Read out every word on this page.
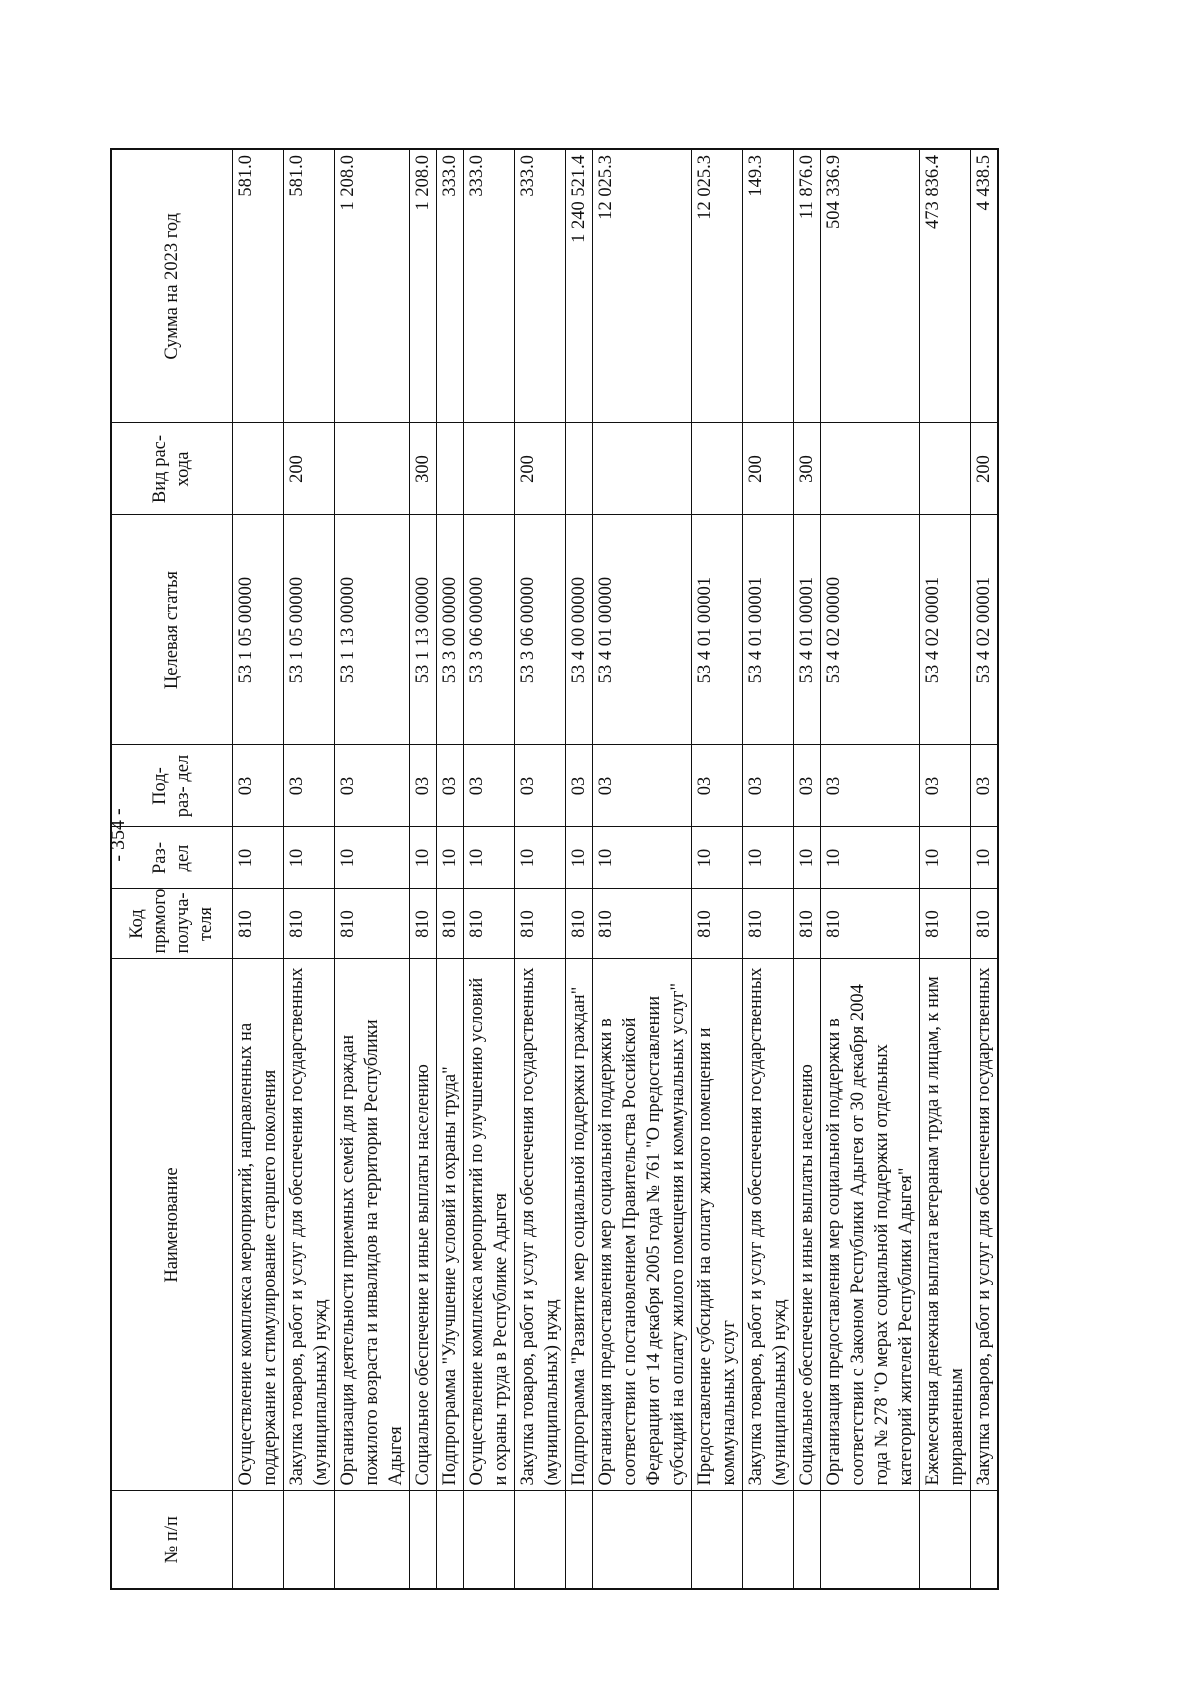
- 354 -
№ п/п	Наименование	Код прямого получа- теля	Раз- дел	Под- раз- дел	Целевая статья	Вид рас- хода	Сумма на 2023 год
	Осуществление комплекса мероприятий, направленных на поддержание и стимулирование старшего поколения	810	10	03	53 1 05 00000		581.0
	Закупка товаров, работ и услуг для обеспечения государственных (муниципальных) нужд	810	10	03	53 1 05 00000	200	581.0
	Организация деятельности приемных семей для граждан пожилого возраста и инвалидов на территории Республики Адыгея	810	10	03	53 1 13 00000		1 208.0
	Социальное обеспечение и иные выплаты населению	810	10	03	53 1 13 00000	300	1 208.0
	Подпрограмма "Улучшение условий и охраны труда"	810	10	03	53 3 00 00000		333.0
	Осуществление комплекса мероприятий по улучшению условий и охраны труда в Республике Адыгея	810	10	03	53 3 06 00000		333.0
	Закупка товаров, работ и услуг для обеспечения государственных (муниципальных) нужд	810	10	03	53 3 06 00000	200	333.0
	Подпрограмма "Развитие мер социальной поддержки граждан"	810	10	03	53 4 00 00000		1 240 521.4
	Организация предоставления мер социальной поддержки в соответствии с постановлением Правительства Российской Федерации от 14 декабря 2005 года № 761 "О предоставлении субсидий на оплату жилого помещения и коммунальных услуг"	810	10	03	53 4 01 00000		12 025.3
	Предоставление субсидий на оплату жилого помещения и коммунальных услуг	810	10	03	53 4 01 00001		12 025.3
	Закупка товаров, работ и услуг для обеспечения государственных (муниципальных) нужд	810	10	03	53 4 01 00001	200	149.3
	Социальное обеспечение и иные выплаты населению	810	10	03	53 4 01 00001	300	11 876.0
	Организация предоставления мер социальной поддержки в соответствии с Законом Республики Адыгея от 30 декабря 2004 года № 278 "О мерах социальной поддержки отдельных категорий жителей Республики Адыгея"	810	10	03	53 4 02 00000		504 336.9
	Ежемесячная денежная выплата ветеранам труда и лицам, к ним приравненным	810	10	03	53 4 02 00001		473 836.4
	Закупка товаров, работ и услуг для обеспечения государственных	810	10	03	53 4 02 00001	200	4 438.5
